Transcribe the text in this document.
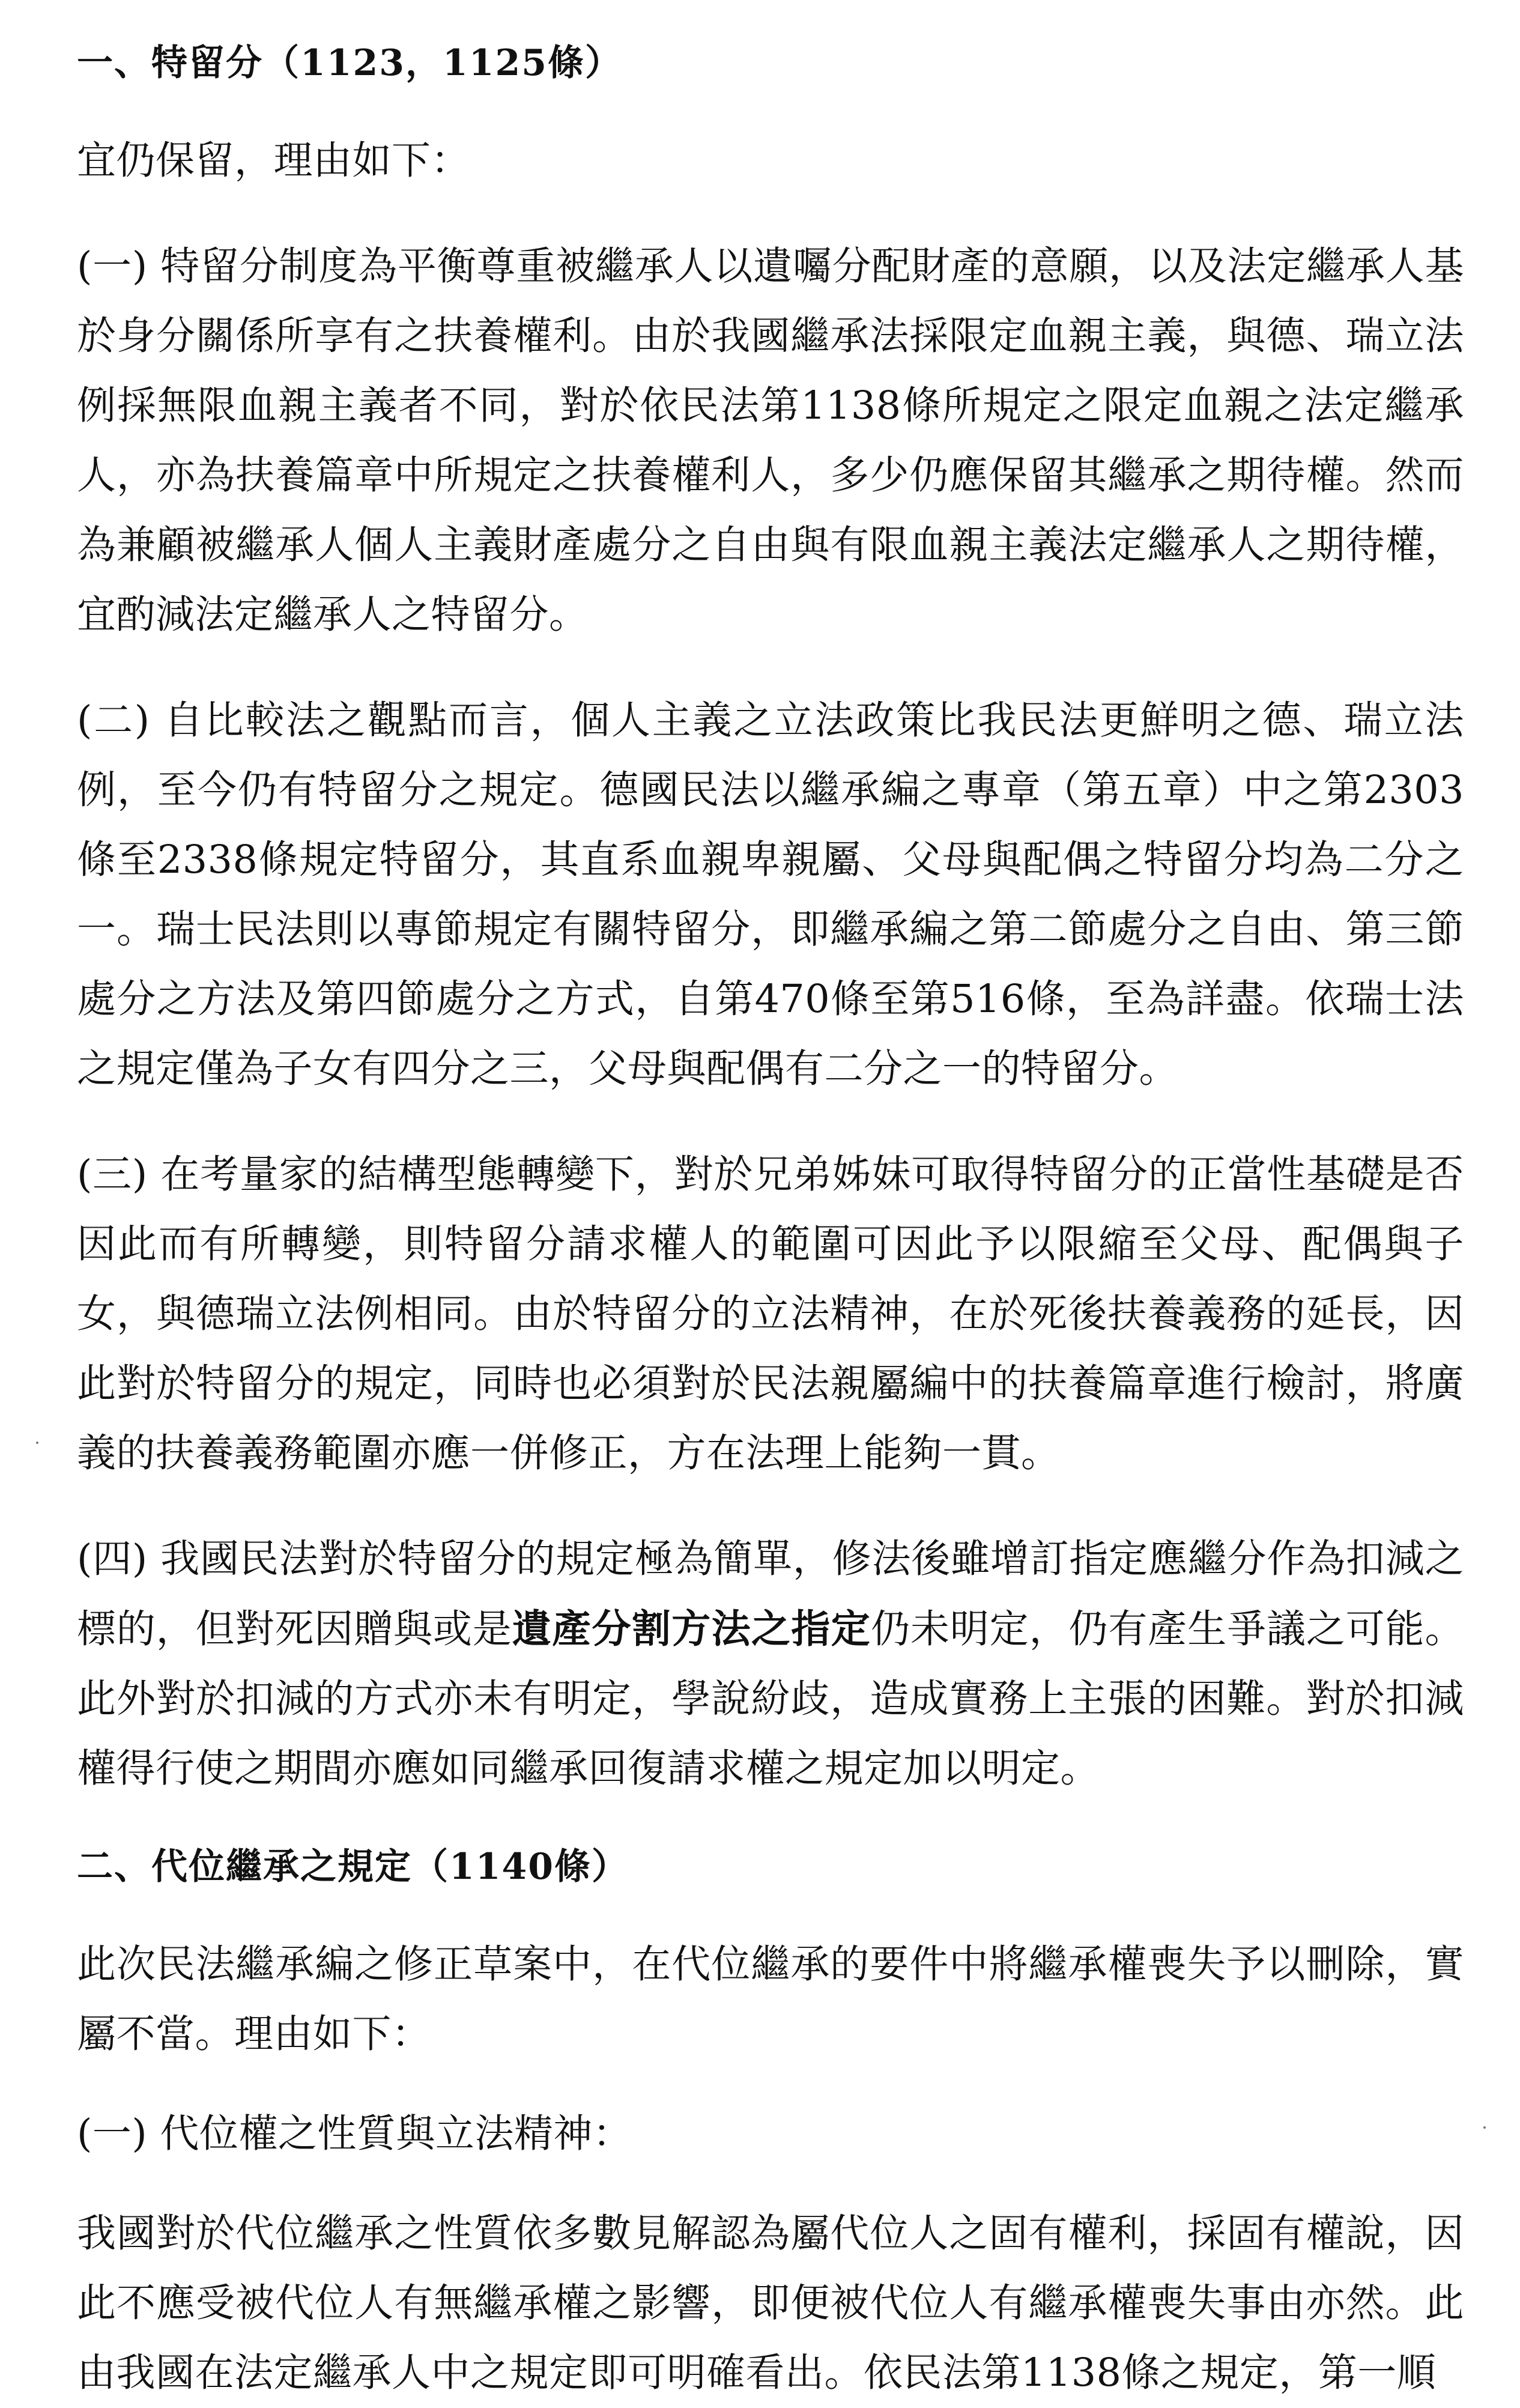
一、特留分（1123，1125條）

宜仍保留，理由如下：

(一) 特留分制度為平衡尊重被繼承人以遺囑分配財產的意願，以及法定繼承人基於身分關係所享有之扶養權利。由於我國繼承法採限定血親主義，與德、瑞立法例採無限血親主義者不同，對於依民法第1138條所規定之限定血親之法定繼承人，亦為扶養篇章中所規定之扶養權利人，多少仍應保留其繼承之期待權。然而為兼顧被繼承人個人主義財產處分之自由與有限血親主義法定繼承人之期待權，宜酌減法定繼承人之特留分。

(二) 自比較法之觀點而言，個人主義之立法政策比我民法更鮮明之德、瑞立法例，至今仍有特留分之規定。德國民法以繼承編之專章（第五章）中之第2303條至2338條規定特留分，其直系血親卑親屬、父母與配偶之特留分均為二分之一。瑞士民法則以專節規定有關特留分，即繼承編之第二節處分之自由、第三節處分之方法及第四節處分之方式，自第470條至第516條，至為詳盡。依瑞士法之規定僅為子女有四分之三，父母與配偶有二分之一的特留分。

(三) 在考量家的結構型態轉變下，對於兄弟姊妹可取得特留分的正當性基礎是否因此而有所轉變，則特留分請求權人的範圍可因此予以限縮至父母、配偶與子女，與德瑞立法例相同。由於特留分的立法精神，在於死後扶養義務的延長，因此對於特留分的規定，同時也必須對於民法親屬編中的扶養篇章進行檢討，將廣義的扶養義務範圍亦應一併修正，方在法理上能夠一貫。

(四) 我國民法對於特留分的規定極為簡單，修法後雖增訂指定應繼分作為扣減之標的，但對死因贈與或是遺產分割方法之指定仍未明定，仍有產生爭議之可能。此外對於扣減的方式亦未有明定，學說紛歧，造成實務上主張的困難。對於扣減權得行使之期間亦應如同繼承回復請求權之規定加以明定。

二、代位繼承之規定（1140條）

此次民法繼承編之修正草案中，在代位繼承的要件中將繼承權喪失予以刪除，實屬不當。理由如下：

(一) 代位權之性質與立法精神：

我國對於代位繼承之性質依多數見解認為屬代位人之固有權利，採固有權說，因此不應受被代位人有無繼承權之影響，即便被代位人有繼承權喪失事由亦然。此由我國在法定繼承人中之規定即可明確看出。依民法第1138條之規定，第一順
